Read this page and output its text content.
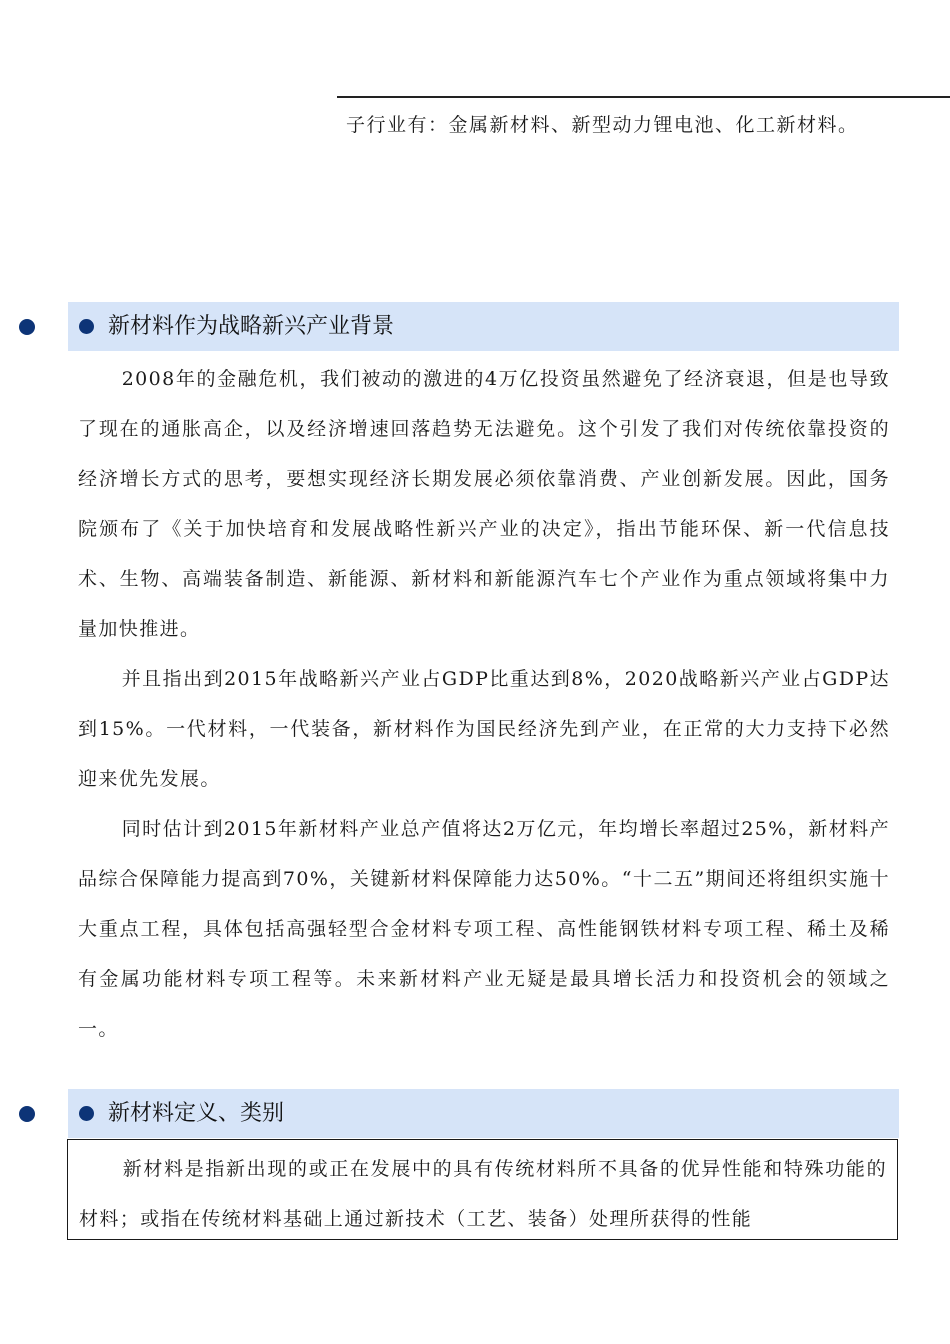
子行业有：金属新材料、新型动力锂电池、化工新材料。
新材料作为战略新兴产业背景

2008年的金融危机，我们被动的激进的4万亿投资虽然避免了经济衰退，但是也导致了现在的通胀高企，以及经济增速回落趋势无法避免。这个引发了我们对传统依靠投资的经济增长方式的思考，要想实现经济长期发展必须依靠消费、产业创新发展。因此，国务院颁布了《关于加快培育和发展战略性新兴产业的决定》，指出节能环保、新一代信息技术、生物、高端装备制造、新能源、新材料和新能源汽车七个产业作为重点领域将集中力量加快推进。

并且指出到2015年战略新兴产业占GDP比重达到8%，2020战略新兴产业占GDP达到15%。一代材料，一代装备，新材料作为国民经济先到产业，在正常的大力支持下必然迎来优先发展。

同时估计到2015年新材料产业总产值将达2万亿元，年均增长率超过25%，新材料产品综合保障能力提高到70%，关键新材料保障能力达50%。“十二五”期间还将组织实施十大重点工程，具体包括高强轻型合金材料专项工程、高性能钢铁材料专项工程、稀土及稀有金属功能材料专项工程等。未来新材料产业无疑是最具增长活力和投资机会的领域之一。

新材料定义、类别

新材料是指新出现的或正在发展中的具有传统材料所不具备的优异性能和特殊功能的材料；或指在传统材料基础上通过新技术（工艺、装备）处理所获得的性能
